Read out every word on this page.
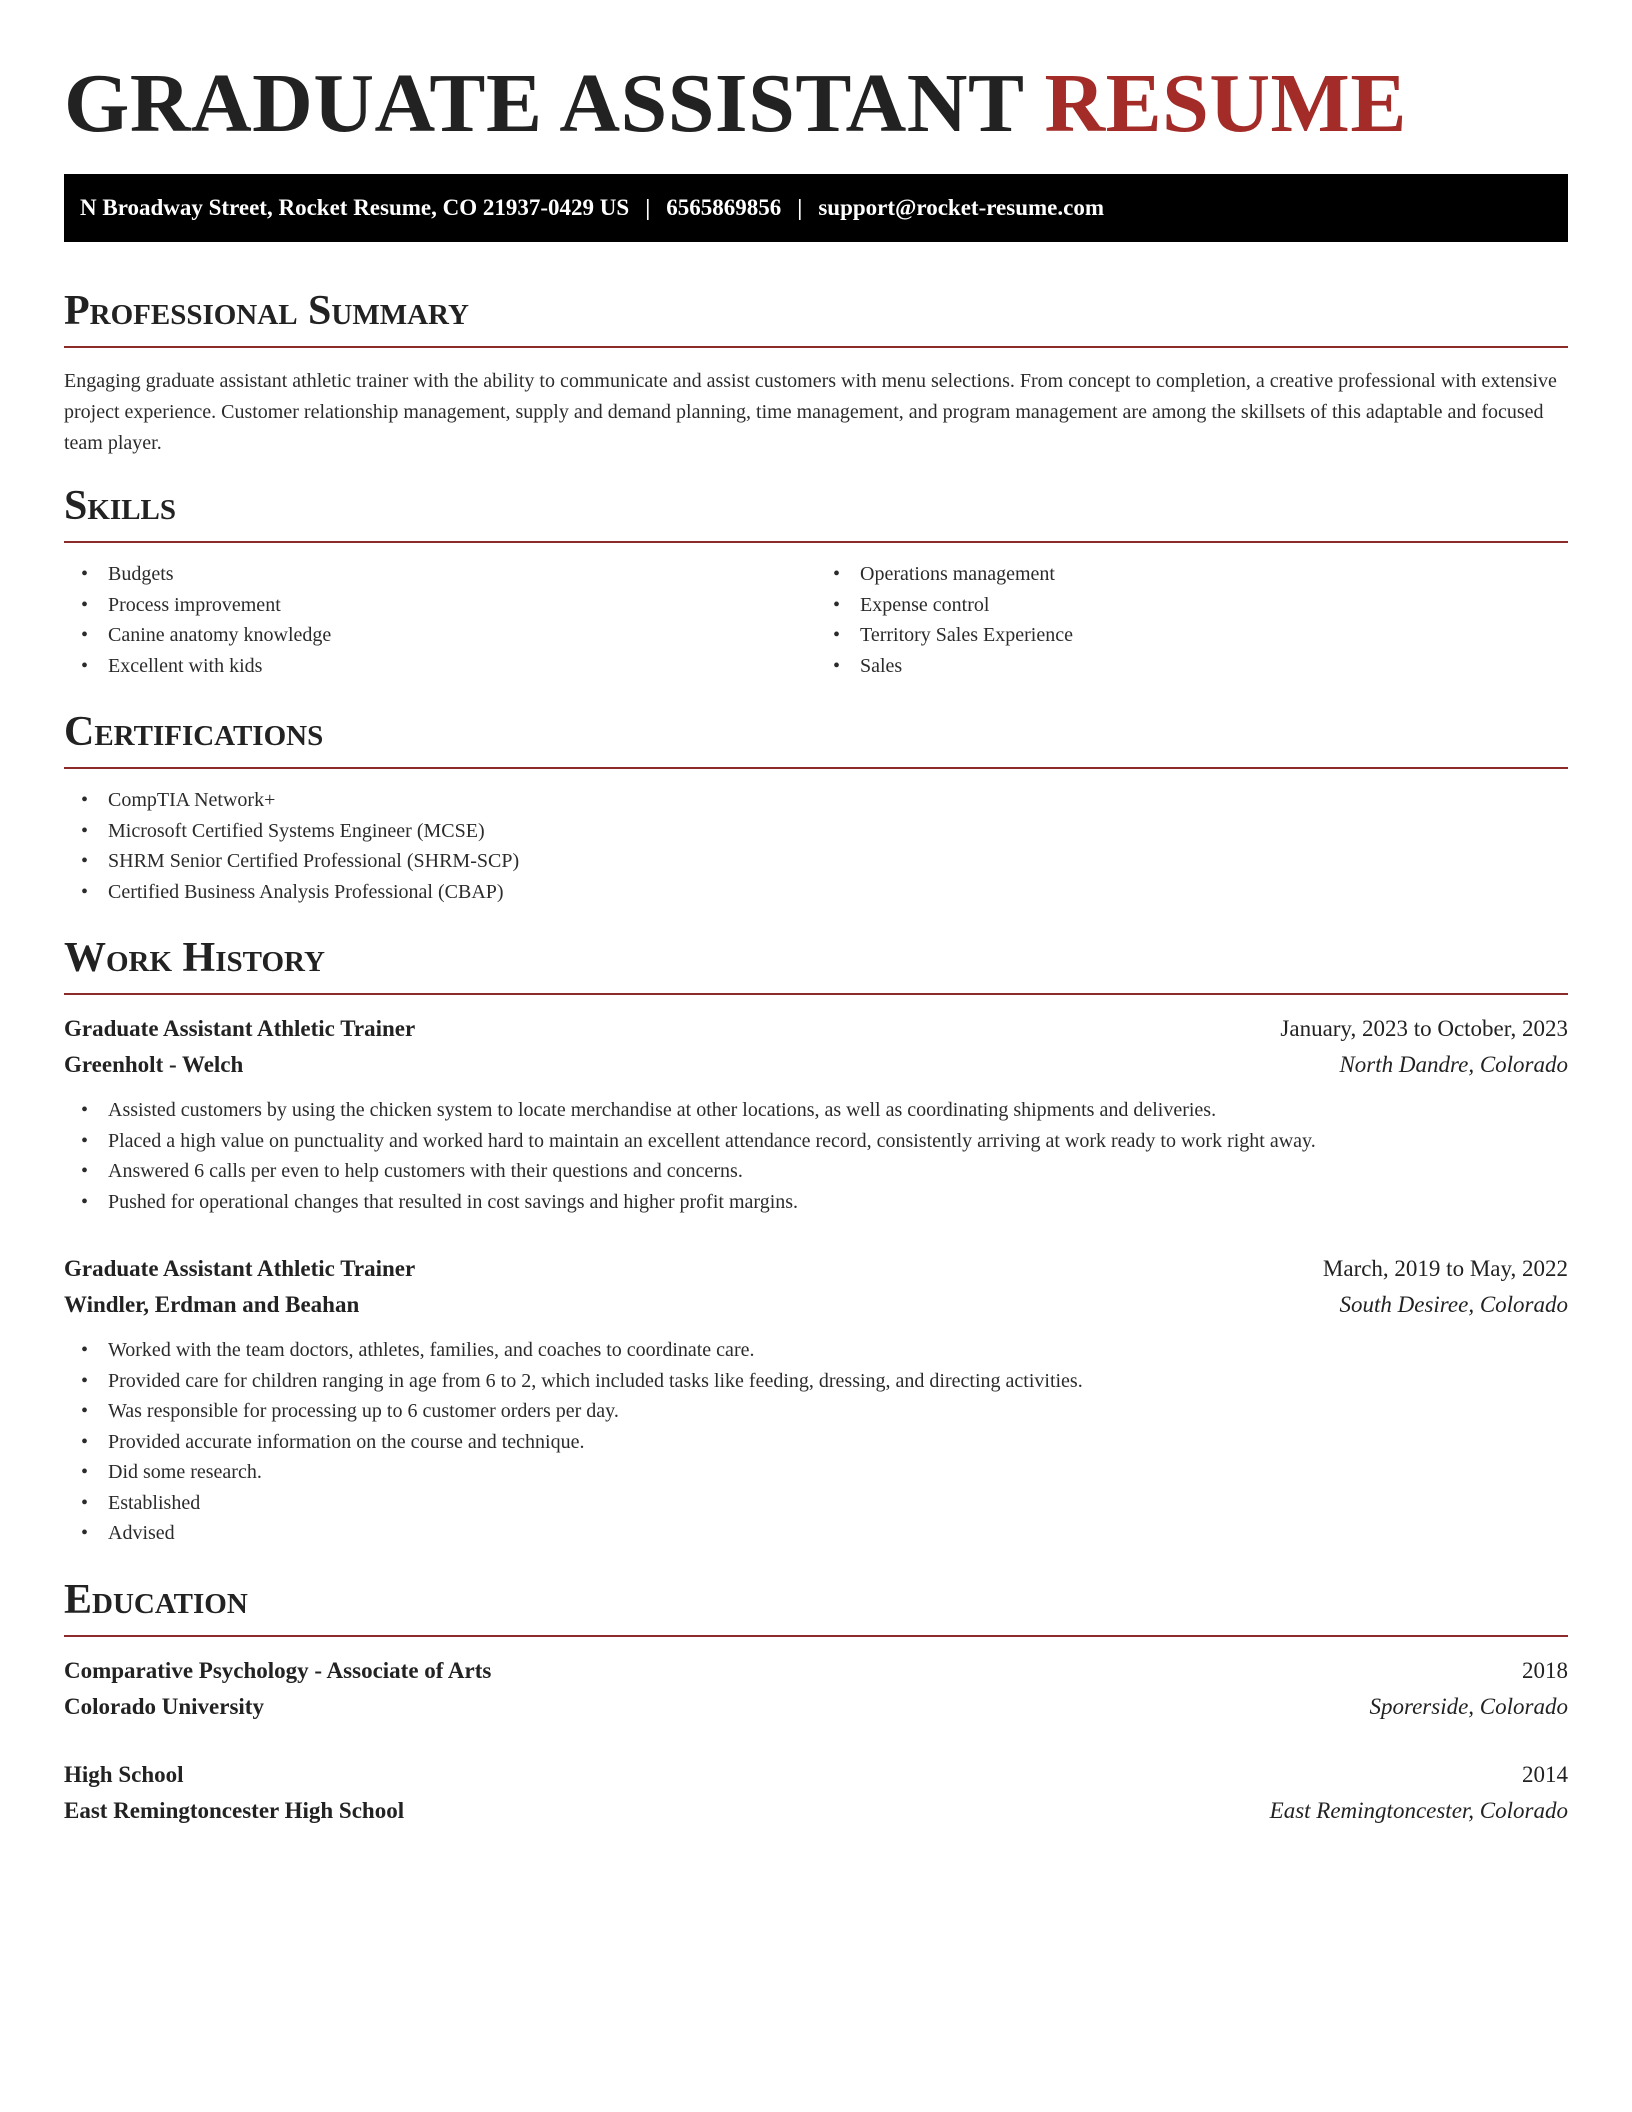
GRADUATE ASSISTANT RESUME
N Broadway Street, Rocket Resume, CO 21937-0429 US | 6565869856 | support@rocket-resume.com
Professional Summary

Engaging graduate assistant athletic trainer with the ability to communicate and assist customers with menu selections. From concept to completion, a creative professional with extensive project experience. Customer relationship management, supply and demand planning, time management, and program management are among the skillsets of this adaptable and focused team player.

Skills
• Budgets
• Process improvement
• Canine anatomy knowledge
• Excellent with kids
• Operations management
• Expense control
• Territory Sales Experience
• Sales
Certifications
• CompTIA Network+
• Microsoft Certified Systems Engineer (MCSE)
• SHRM Senior Certified Professional (SHRM-SCP)
• Certified Business Analysis Professional (CBAP)
Work History
Graduate Assistant Athletic Trainer	January, 2023 to October, 2023
Greenholt - Welch	North Dandre, Colorado
• Assisted customers by using the chicken system to locate merchandise at other locations, as well as coordinating shipments and deliveries.
• Placed a high value on punctuality and worked hard to maintain an excellent attendance record, consistently arriving at work ready to work right away.
• Answered 6 calls per even to help customers with their questions and concerns.
• Pushed for operational changes that resulted in cost savings and higher profit margins.
Graduate Assistant Athletic Trainer	March, 2019 to May, 2022
Windler, Erdman and Beahan	South Desiree, Colorado
• Worked with the team doctors, athletes, families, and coaches to coordinate care.
• Provided care for children ranging in age from 6 to 2, which included tasks like feeding, dressing, and directing activities.
• Was responsible for processing up to 6 customer orders per day.
• Provided accurate information on the course and technique.
• Did some research.
• Established
• Advised
Education
Comparative Psychology - Associate of Arts	2018
Colorado University	Sporerside, Colorado
High School	2014
East Remingtoncester High School	East Remingtoncester, Colorado
